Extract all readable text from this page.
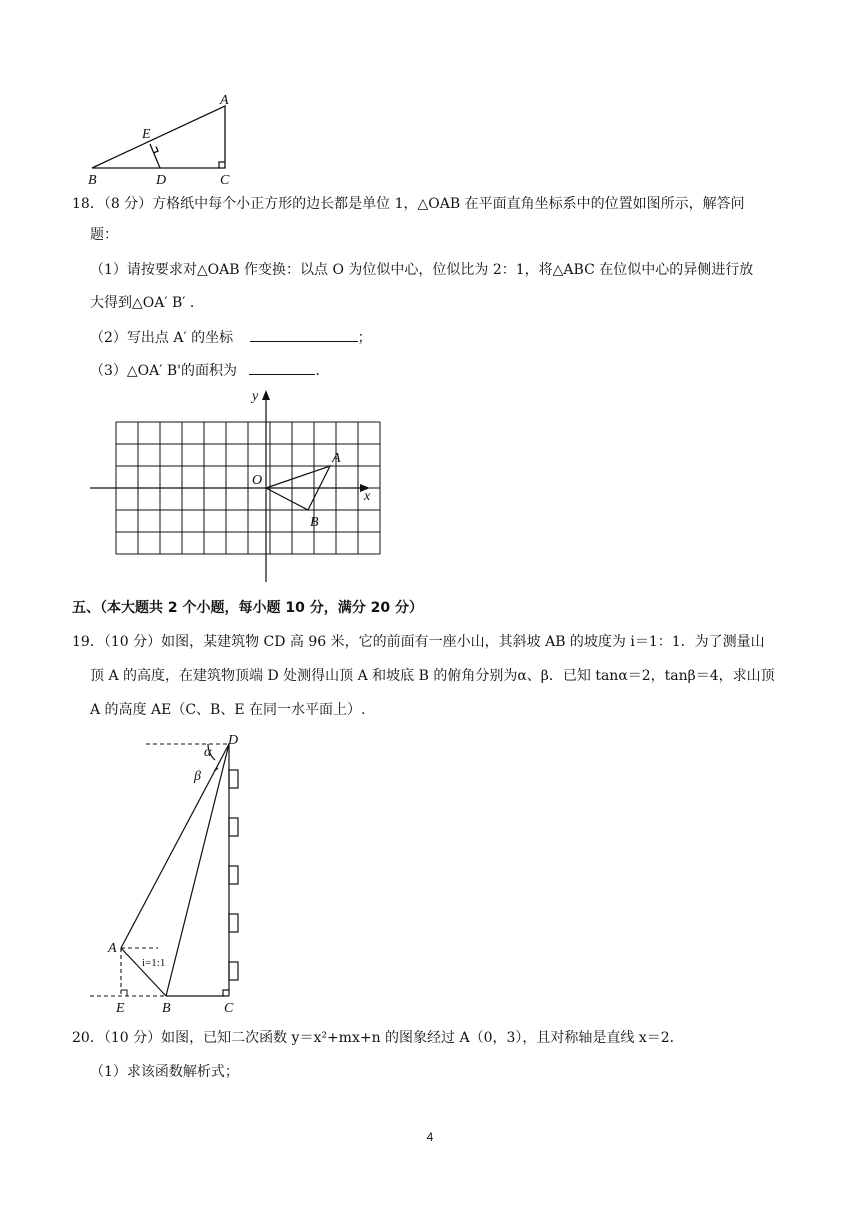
A
E
B	D	C
18．（8 分）方格纸中每个小正方形的边长都是单位 1，△OAB 在平面直角坐标系中的位置如图所示，解答问
题：
（1）请按要求对△OAB 作变换：以点 O 为位似中心，位似比为 2：1，将△ABC 在位似中心的异侧进行放
大得到△OA′ B′ ．
（2）写出点 A′ 的坐标	；
（3）△OA′ B'的面积为	．
y
x
O
A
B
五、（本大题共 2 个小题，每小题 10 分，满分 20 分）
19．（10 分）如图，某建筑物 CD 高 96 米，它的前面有一座小山，其斜坡 AB 的坡度为 i＝1：1．为了测量山
顶 A 的高度，在建筑物顶端 D 处测得山顶 A 和坡底 B 的俯角分别为α、β．已知 tanα＝2，tanβ＝4，求山顶
A 的高度 AE（C、B、E 在同一水平面上）.
D
α
β
A
E	B	C
i=1:1
20．（10 分）如图，已知二次函数 y＝x²+mx+n 的图象经过 A（0，3），且对称轴是直线 x＝2．
（1）求该函数解析式；
4
